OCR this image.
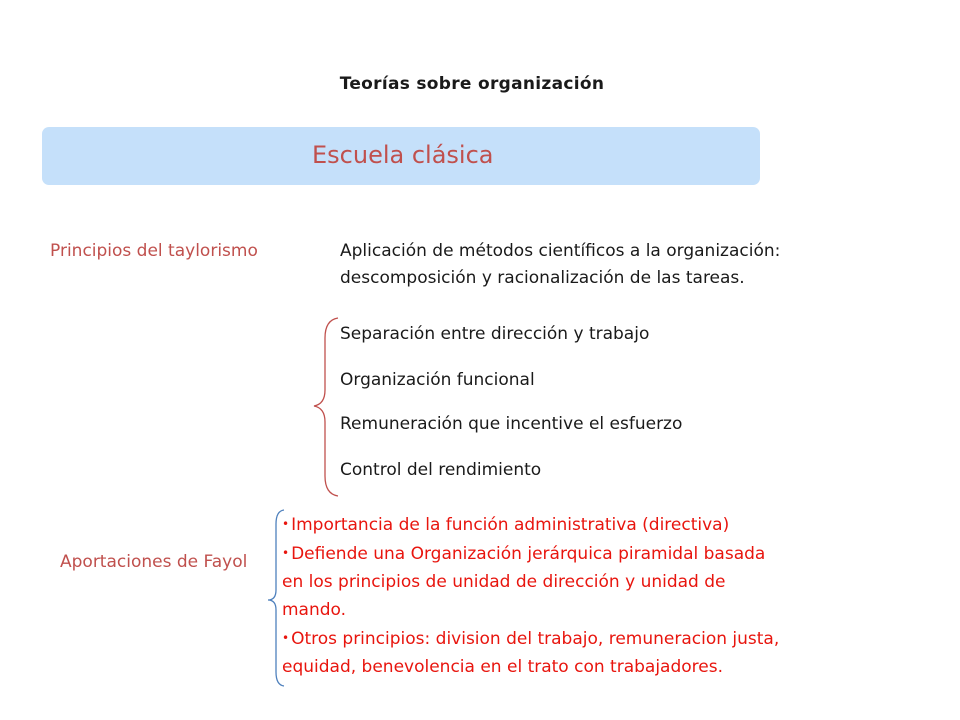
Teorías sobre organización
Escuela clásica
Principios del taylorismo	Aplicación de métodos científicos a la organización:
descomposición y racionalización de las tareas.
Separación entre dirección y trabajo
Organización funcional
Remuneración que incentive el esfuerzo
Control del rendimiento
Aportaciones de Fayol
• Importancia de la función administrativa (directiva)
• Defiende una Organización jerárquica piramidal basada
en los principios de unidad de dirección y unidad de
mando.
• Otros principios: division del trabajo, remuneracion justa,
equidad, benevolencia en el trato con trabajadores.
